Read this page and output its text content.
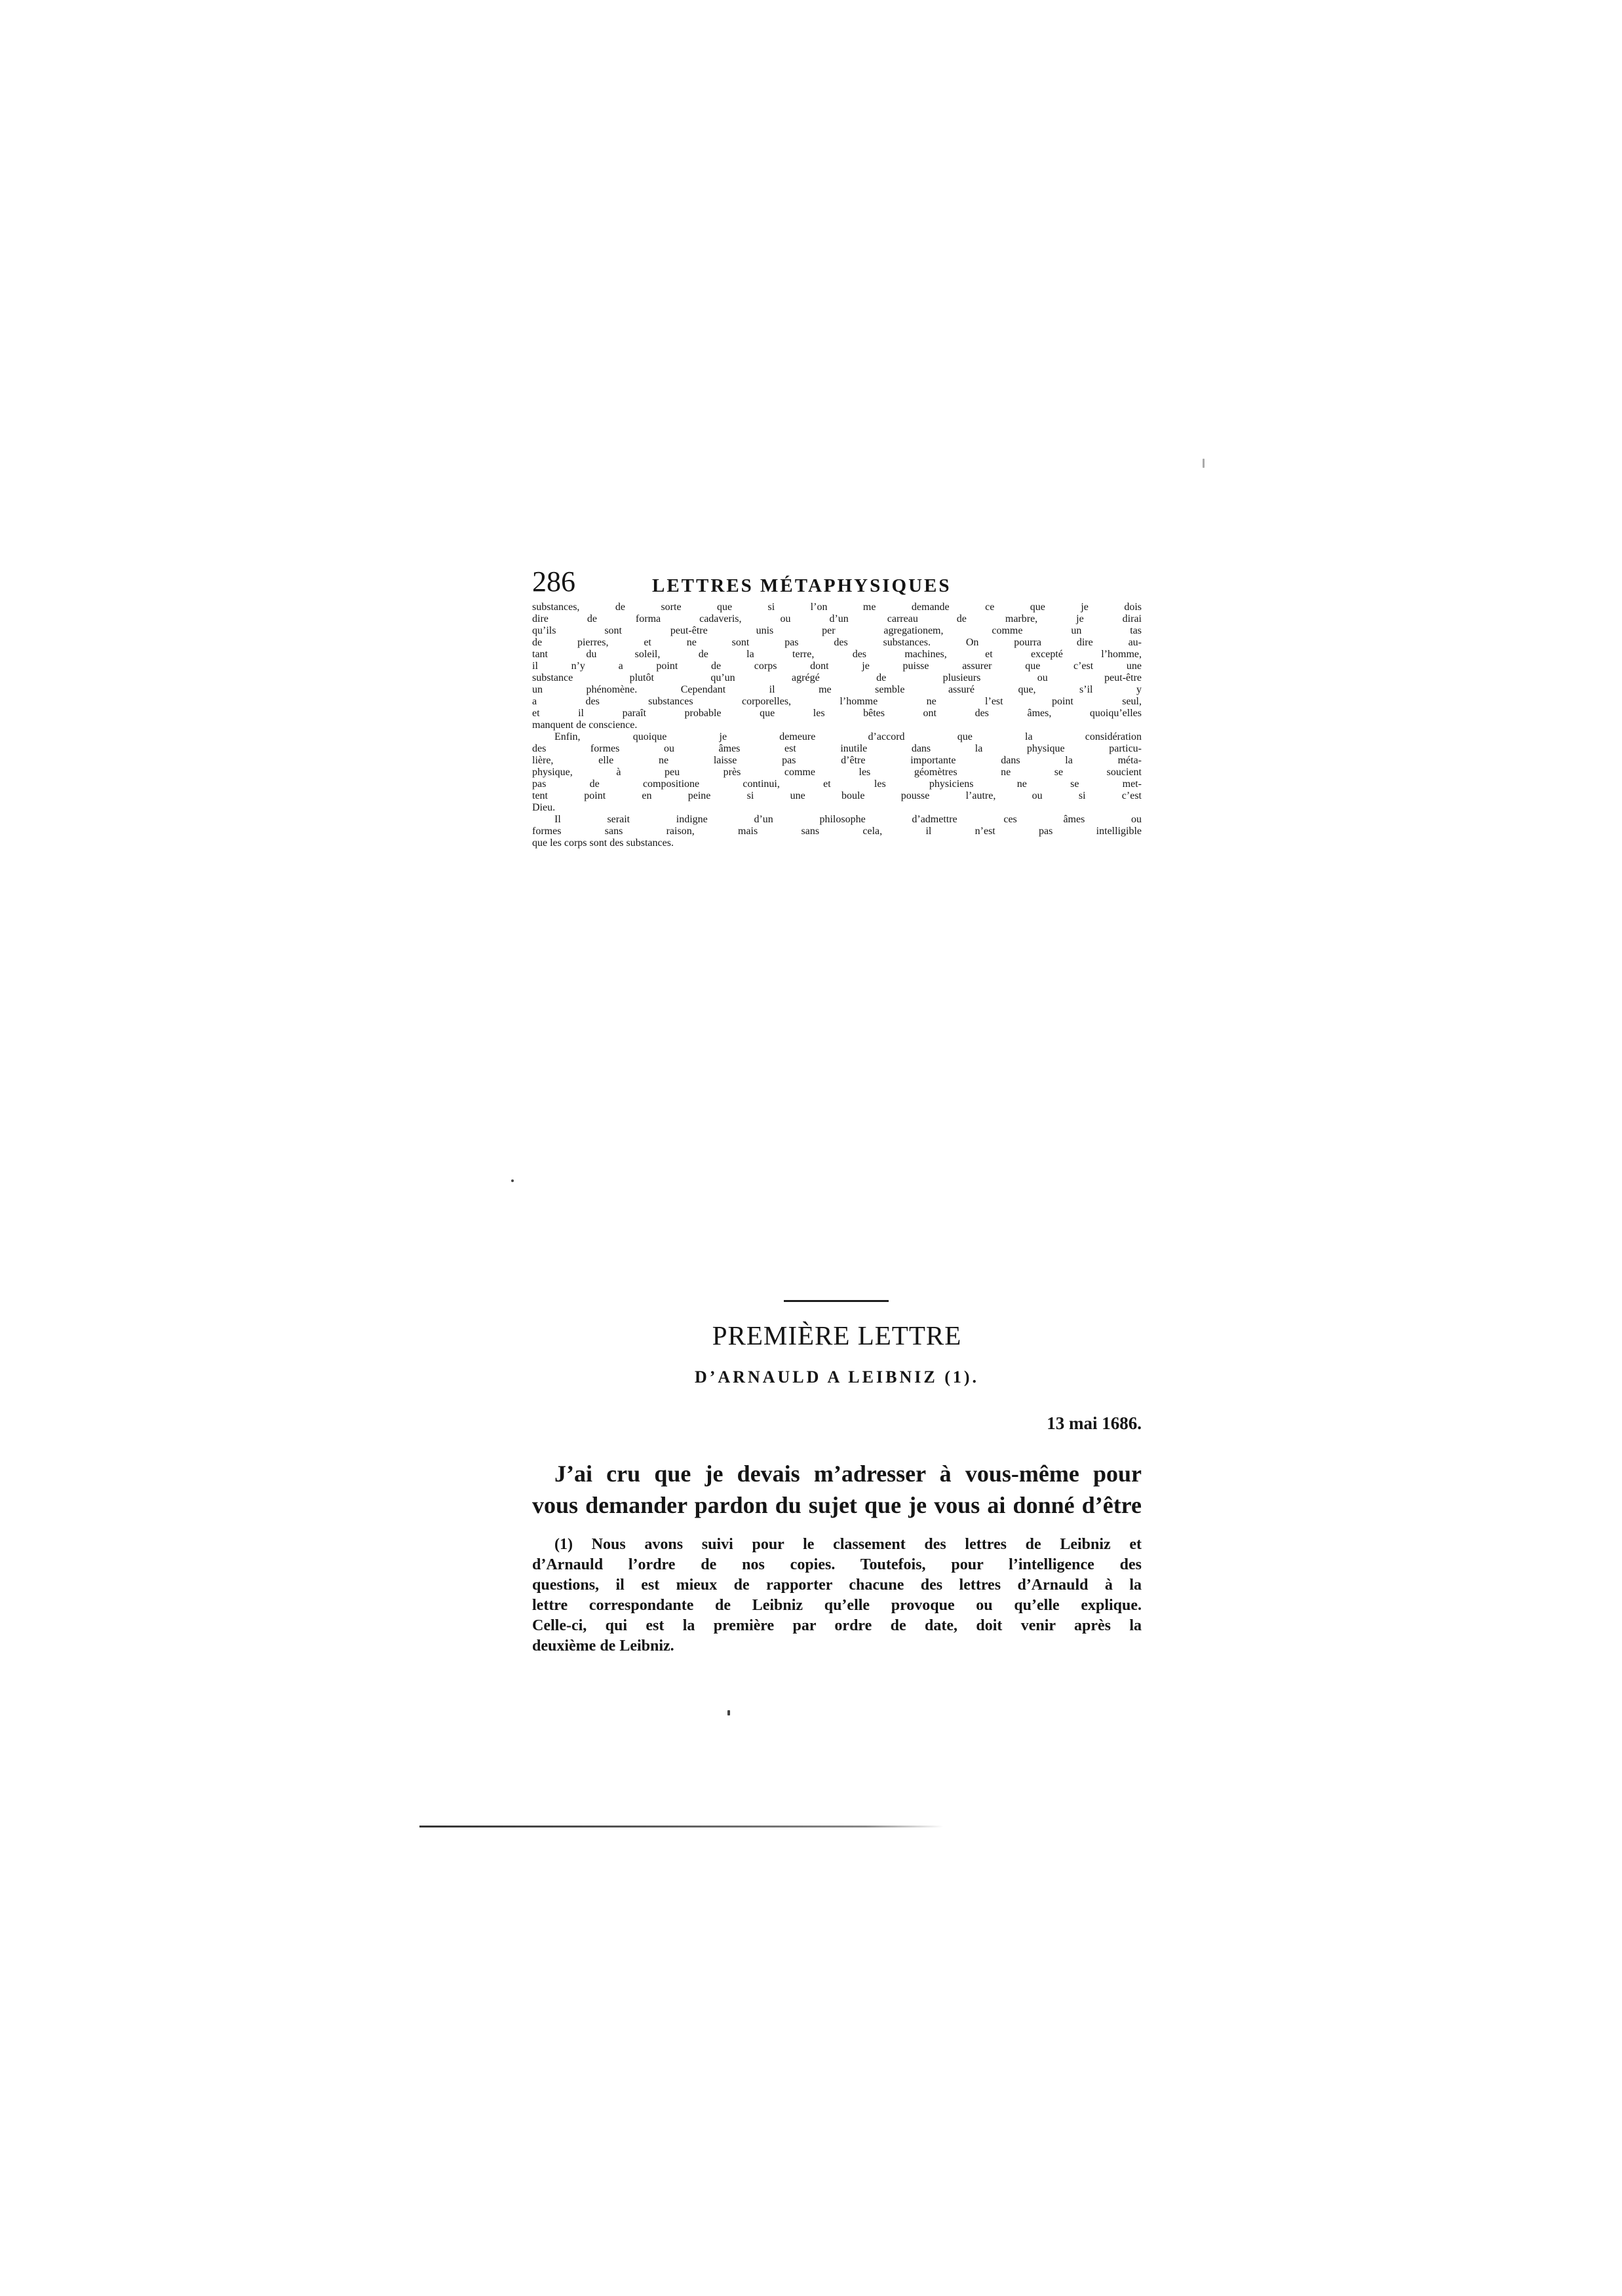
286	LETTRES MÉTAPHYSIQUES
substances, de sorte que si l’on me demande ce que je dois
dire de forma cadaveris, ou d’un carreau de marbre, je dirai
qu’ils sont peut-être unis per agregationem, comme un tas
de pierres, et ne sont pas des substances. On pourra dire au-
tant du soleil, de la terre, des machines, et excepté l’homme,
il n’y a point de corps dont je puisse assurer que c’est une
substance plutôt qu’un agrégé de plusieurs ou peut-être
un phénomène. Cependant il me semble assuré que, s’il y
a des substances corporelles, l’homme ne l’est point seul,
et il paraît probable que les bêtes ont des âmes, quoiqu’elles
manquent de conscience.
Enfin, quoique je demeure d’accord que la considération
des formes ou âmes est inutile dans la physique particu-
lière, elle ne laisse pas d’être importante dans la méta-
physique, à peu près comme les géomètres ne se soucient
pas de compositione continui, et les physiciens ne se met-
tent point en peine si une boule pousse l’autre, ou si c’est
Dieu.
Il serait indigne d’un philosophe d’admettre ces âmes ou
formes sans raison, mais sans cela, il n’est pas intelligible
que les corps sont des substances.
PREMIÈRE LETTRE
D’ARNAULD A LEIBNIZ (1).
13 mai 1686.
J’ai cru que je devais m’adresser à vous-même pour
vous demander pardon du sujet que je vous ai donné d’être
(1) Nous avons suivi pour le classement des lettres de Leibniz et
d’Arnauld l’ordre de nos copies. Toutefois, pour l’intelligence des
questions, il est mieux de rapporter chacune des lettres d’Arnauld à la
lettre correspondante de Leibniz qu’elle provoque ou qu’elle explique.
Celle-ci, qui est la première par ordre de date, doit venir après la
deuxième de Leibniz.
